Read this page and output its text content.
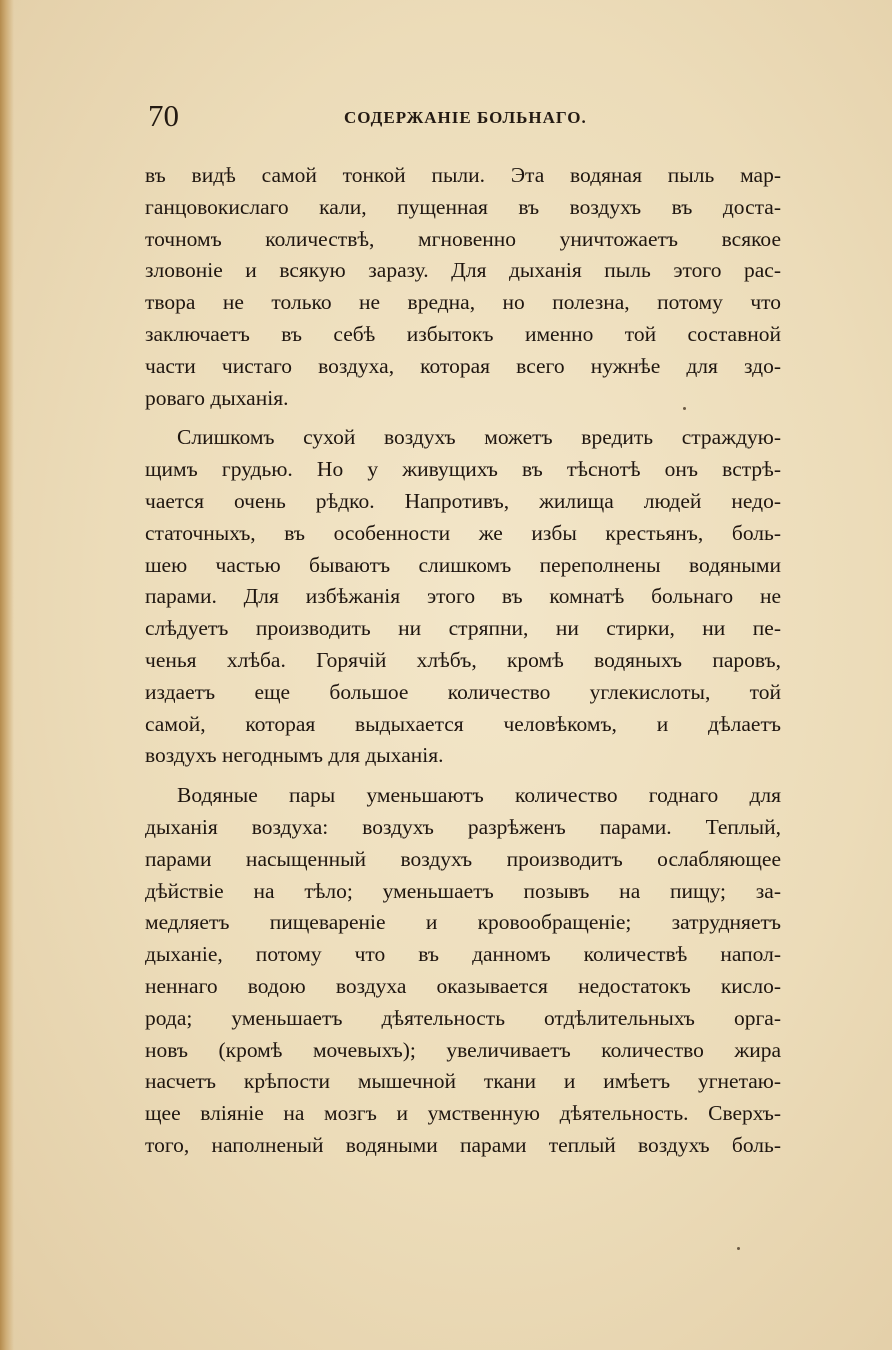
70	СОДЕРЖАНІЕ БОЛЬНАГО.
въ видѣ самой тонкой пыли. Эта водяная пыль мар-
ганцовокислаго кали, пущенная въ воздухъ въ доста-
точномъ количествѣ, мгновенно уничтожаетъ всякое
зловоніе и всякую заразу. Для дыханія пыль этого рас-
твора не только не вредна, но полезна, потому что
заключаетъ въ себѣ избытокъ именно той составной
части чистаго воздуха, которая всего нужнѣе для здо-
роваго дыханія.
Слишкомъ сухой воздухъ можетъ вредить страждую-
щимъ грудью. Но у живущихъ въ тѣснотѣ онъ встрѣ-
чается очень рѣдко. Напротивъ, жилища людей недо-
статочныхъ, въ особенности же избы крестьянъ, боль-
шею частью бываютъ слишкомъ переполнены водяными
парами. Для избѣжанія этого въ комнатѣ больнаго не
слѣдуетъ производить ни стряпни, ни стирки, ни пе-
ченья хлѣба. Горячій хлѣбъ, кромѣ водяныхъ паровъ,
издаетъ еще большое количество углекислоты, той
самой, которая выдыхается человѣкомъ, и дѣлаетъ
воздухъ негоднымъ для дыханія.
Водяные пары уменьшаютъ количество годнаго для
дыханія воздуха: воздухъ разрѣженъ парами. Теплый,
парами насыщенный воздухъ производитъ ослабляющее
дѣйствіе на тѣло; уменьшаетъ позывъ на пищу; за-
медляетъ пищевареніе и кровообращеніе; затрудняетъ
дыханіе, потому что въ данномъ количествѣ напол-
неннаго водою воздуха оказывается недостатокъ кисло-
рода; уменьшаетъ дѣятельность отдѣлительныхъ орга-
новъ (кромѣ мочевыхъ); увеличиваетъ количество жира
насчетъ крѣпости мышечной ткани и имѣетъ угнетаю-
щее вліяніе на мозгъ и умственную дѣятельность. Сверхъ-
того, наполненый водяными парами теплый воздухъ боль-
